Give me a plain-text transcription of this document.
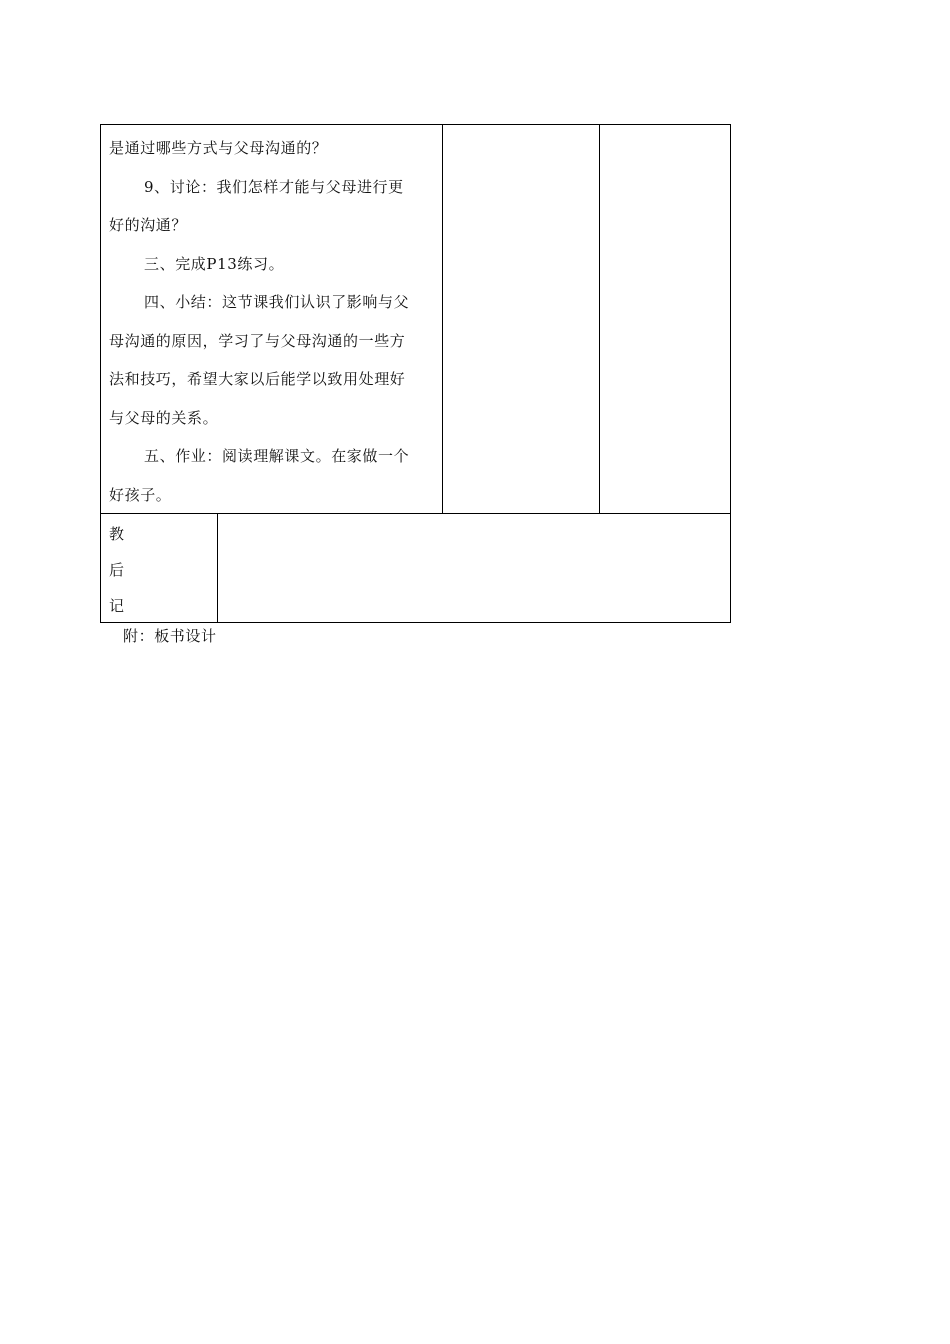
是通过哪些方式与父母沟通的？
9、讨论：我们怎样才能与父母进行更
好的沟通？
三、完成P13练习。
四、小结：这节课我们认识了影响与父
母沟通的原因，学习了与父母沟通的一些方
法和技巧，希望大家以后能学以致用处理好
与父母的关系。
五、作业：阅读理解课文。在家做一个
好孩子。
教
后
记
附：板书设计
